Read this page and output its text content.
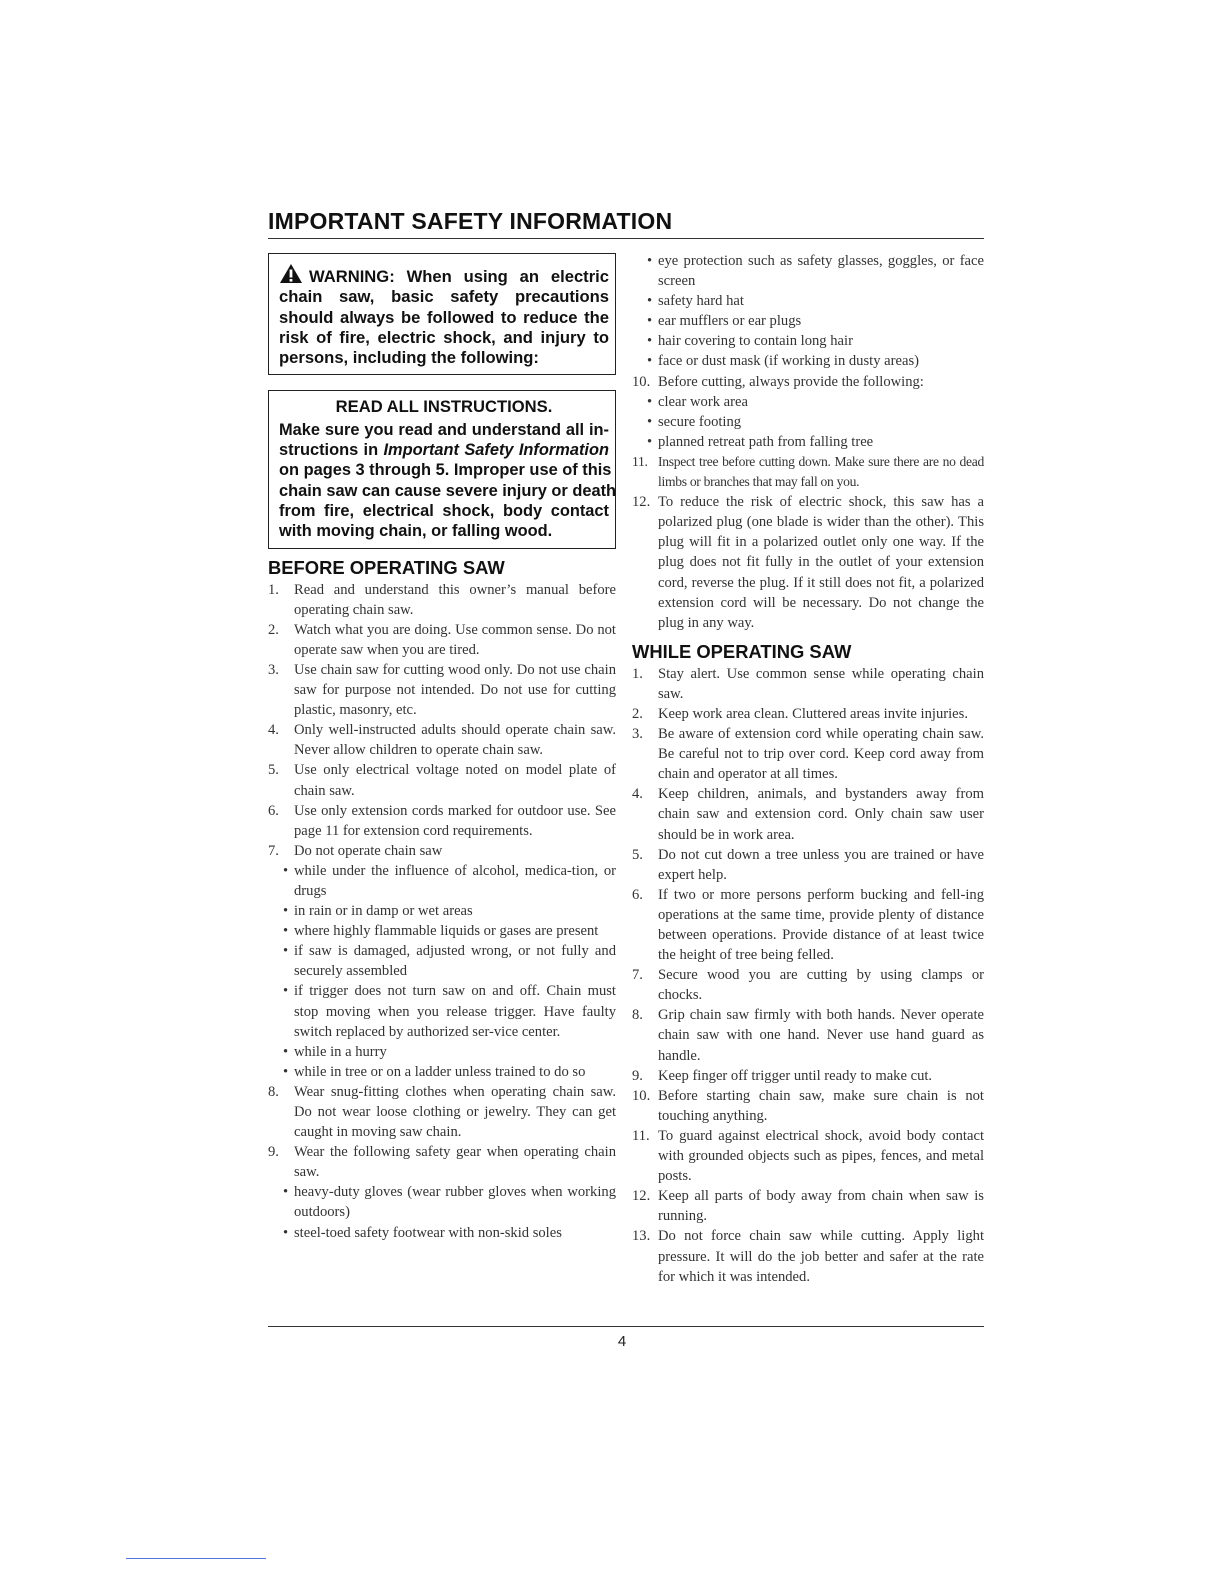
IMPORTANT SAFETY INFORMATION
WARNING: When using an electric
chain saw, basic safety precautions
should always be followed to reduce the
risk of fire, electric shock, and injury to
persons, including the following:
READ ALL INSTRUCTIONS.
Make sure you read and understand all in-
structions in Important Safety Information
on pages 3 through 5. Improper use of this
chain saw can cause severe injury or death
from fire, electrical shock, body contact
with moving chain, or falling wood.
BEFORE OPERATING SAW
1. Read and understand this owner’s manual before operating chain saw.
2. Watch what you are doing. Use common sense. Do not operate saw when you are tired.
3. Use chain saw for cutting wood only. Do not use chain saw for purpose not intended. Do not use for cutting plastic, masonry, etc.
4. Only well-instructed adults should operate chain saw. Never allow children to operate chain saw.
5. Use only electrical voltage noted on model plate of chain saw.
6. Use only extension cords marked for outdoor use. See page 11 for extension cord requirements.
7. Do not operate chain saw
• while under the influence of alcohol, medica-tion, or drugs
• in rain or in damp or wet areas
• where highly flammable liquids or gases are present
• if saw is damaged, adjusted wrong, or not fully and securely assembled
• if trigger does not turn saw on and off. Chain must stop moving when you release trigger. Have faulty switch replaced by authorized ser-vice center.
• while in a hurry
• while in tree or on a ladder unless trained to do so
8. Wear snug-fitting clothes when operating chain saw. Do not wear loose clothing or jewelry. They can get caught in moving saw chain.
9. Wear the following safety gear when operating chain saw.
• heavy-duty gloves (wear rubber gloves when working outdoors)
• steel-toed safety footwear with non-skid soles
• eye protection such as safety glasses, goggles, or face screen
• safety hard hat
• ear mufflers or ear plugs
• hair covering to contain long hair
• face or dust mask (if working in dusty areas)
10. Before cutting, always provide the following:
• clear work area
• secure footing
• planned retreat path from falling tree
11. Inspect tree before cutting down. Make sure there are no dead limbs or branches that may fall on you.
12. To reduce the risk of electric shock, this saw has a polarized plug (one blade is wider than the other). This plug will fit in a polarized outlet only one way. If the plug does not fit fully in the outlet of your extension cord, reverse the plug. If it still does not fit, a polarized extension cord will be necessary. Do not change the plug in any way.
WHILE OPERATING SAW
1. Stay alert. Use common sense while operating chain saw.
2. Keep work area clean. Cluttered areas invite injuries.
3. Be aware of extension cord while operating chain saw. Be careful not to trip over cord. Keep cord away from chain and operator at all times.
4. Keep children, animals, and bystanders away from chain saw and extension cord. Only chain saw user should be in work area.
5. Do not cut down a tree unless you are trained or have expert help.
6. If two or more persons perform bucking and fell-ing operations at the same time, provide plenty of distance between operations. Provide distance of at least twice the height of tree being felled.
7. Secure wood you are cutting by using clamps or chocks.
8. Grip chain saw firmly with both hands. Never operate chain saw with one hand. Never use hand guard as handle.
9. Keep finger off trigger until ready to make cut.
10. Before starting chain saw, make sure chain is not touching anything.
11. To guard against electrical shock, avoid body contact with grounded objects such as pipes, fences, and metal posts.
12. Keep all parts of body away from chain when saw is running.
13. Do not force chain saw while cutting. Apply light pressure. It will do the job better and safer at the rate for which it was intended.
4
